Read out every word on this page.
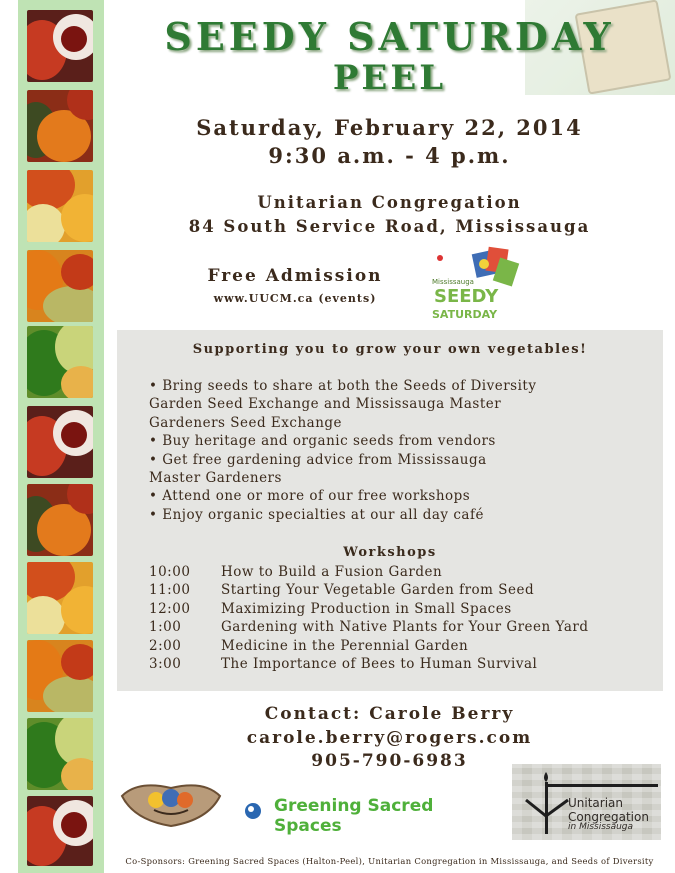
SEEDY SATURDAY
PEEL
Saturday, February 22, 2014
9:30 a.m. - 4 p.m.
Unitarian Congregation
84 South Service Road, Mississauga
Free Admission
www.UUCM.ca (events)
Mississauga
SEEDY
SATURDAY
Supporting you to grow your own vegetables!
• Bring seeds to share at both the Seeds of Diversity
Garden Seed Exchange and Mississauga Master
Gardeners Seed Exchange
• Buy heritage and organic seeds from vendors
• Get free gardening advice from Mississauga
Master Gardeners
• Attend one or more of our free workshops
• Enjoy organic specialties at our all day café
Workshops
10:00 How to Build a Fusion Garden
11:00 Starting Your Vegetable Garden from Seed
12:00 Maximizing Production in Small Spaces
1:00	Gardening with Native Plants for Your Green Yard
2:00	Medicine in the Perennial Garden
3:00	The Importance of Bees to Human Survival
Contact: Carole Berry
carole.berry@rogers.com
905-790-6983
Greening Sacred Spaces
Unitarian
Congregation
in Mississauga
Co-Sponsors: Greening Sacred Spaces (Halton-Peel), Unitarian Congregation in Mississauga, and Seeds of Diversity
